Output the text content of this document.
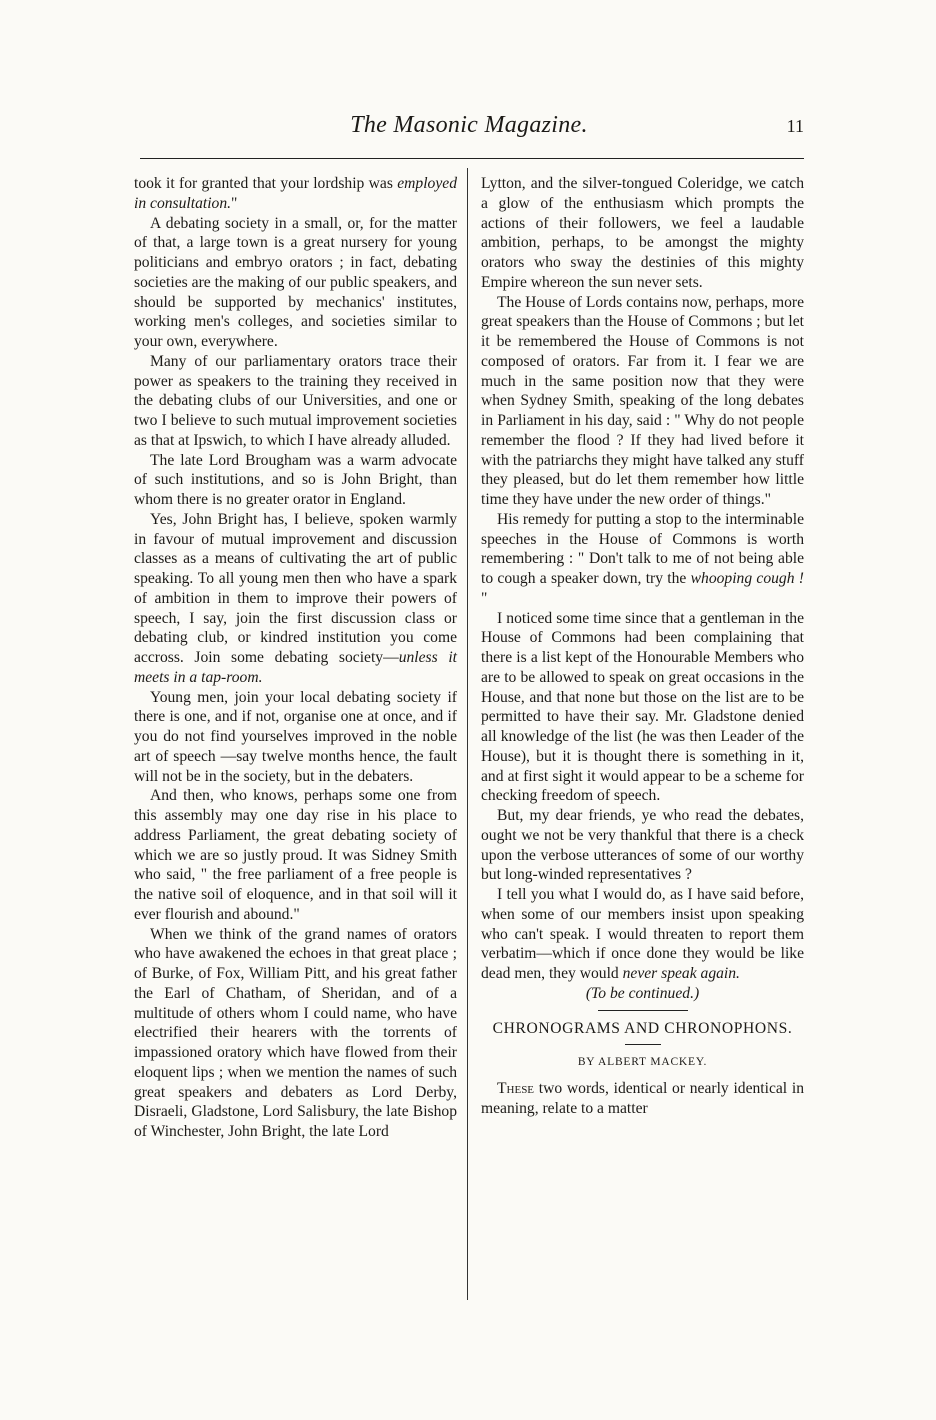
The Masonic Magazine.	11

took it for granted that your lordship was employed in consultation."

A debating society in a small, or, for the matter of that, a large town is a great nursery for young politicians and embryo orators ; in fact, debating societies are the making of our public speakers, and should be supported by mechanics' institutes, working men's colleges, and societies similar to your own, everywhere.

Many of our parliamentary orators trace their power as speakers to the training they received in the debating clubs of our Universities, and one or two I believe to such mutual improvement societies as that at Ipswich, to which I have already alluded.

The late Lord Brougham was a warm advocate of such institutions, and so is John Bright, than whom there is no greater orator in England.

Yes, John Bright has, I believe, spoken warmly in favour of mutual improvement and discussion classes as a means of cultivating the art of public speaking. To all young men then who have a spark of ambition in them to improve their powers of speech, I say, join the first discussion class or debating club, or kindred institution you come accross. Join some debating society—unless it meets in a tap-room.

Young men, join your local debating society if there is one, and if not, organise one at once, and if you do not find yourselves improved in the noble art of speech —say twelve months hence, the fault will not be in the society, but in the debaters.

And then, who knows, perhaps some one from this assembly may one day rise in his place to address Parliament, the great debating society of which we are so justly proud. It was Sidney Smith who said, " the free parliament of a free people is the native soil of eloquence, and in that soil will it ever flourish and abound."

When we think of the grand names of orators who have awakened the echoes in that great place ; of Burke, of Fox, William Pitt, and his great father the Earl of Chatham, of Sheridan, and of a multitude of others whom I could name, who have electrified their hearers with the torrents of impassioned oratory which have flowed from their eloquent lips ; when we mention the names of such great speakers and debaters as Lord Derby, Disraeli, Gladstone, Lord Salisbury, the late Bishop of Winchester, John Bright, the late Lord

Lytton, and the silver-tongued Coleridge, we catch a glow of the enthusiasm which prompts the actions of their followers, we feel a laudable ambition, perhaps, to be amongst the mighty orators who sway the destinies of this mighty Empire whereon the sun never sets.

The House of Lords contains now, perhaps, more great speakers than the House of Commons ; but let it be remembered the House of Commons is not composed of orators. Far from it. I fear we are much in the same position now that they were when Sydney Smith, speaking of the long debates in Parliament in his day, said : " Why do not people remember the flood ? If they had lived before it with the patriarchs they might have talked any stuff they pleased, but do let them remember how little time they have under the new order of things."

His remedy for putting a stop to the interminable speeches in the House of Commons is worth remembering : " Don't talk to me of not being able to cough a speaker down, try the whooping cough ! "

I noticed some time since that a gentleman in the House of Commons had been complaining that there is a list kept of the Honourable Members who are to be allowed to speak on great occasions in the House, and that none but those on the list are to be permitted to have their say. Mr. Gladstone denied all knowledge of the list (he was then Leader of the House), but it is thought there is something in it, and at first sight it would appear to be a scheme for checking freedom of speech.

But, my dear friends, ye who read the debates, ought we not be very thankful that there is a check upon the verbose utterances of some of our worthy but long-winded representatives ?

I tell you what I would do, as I have said before, when some of our members insist upon speaking who can't speak. I would threaten to report them verbatim—which if once done they would be like dead men, they would never speak again.

(To be continued.)

CHRONOGRAMS AND CHRONOPHONS.

BY ALBERT MACKEY.

These two words, identical or nearly identical in meaning, relate to a matter
